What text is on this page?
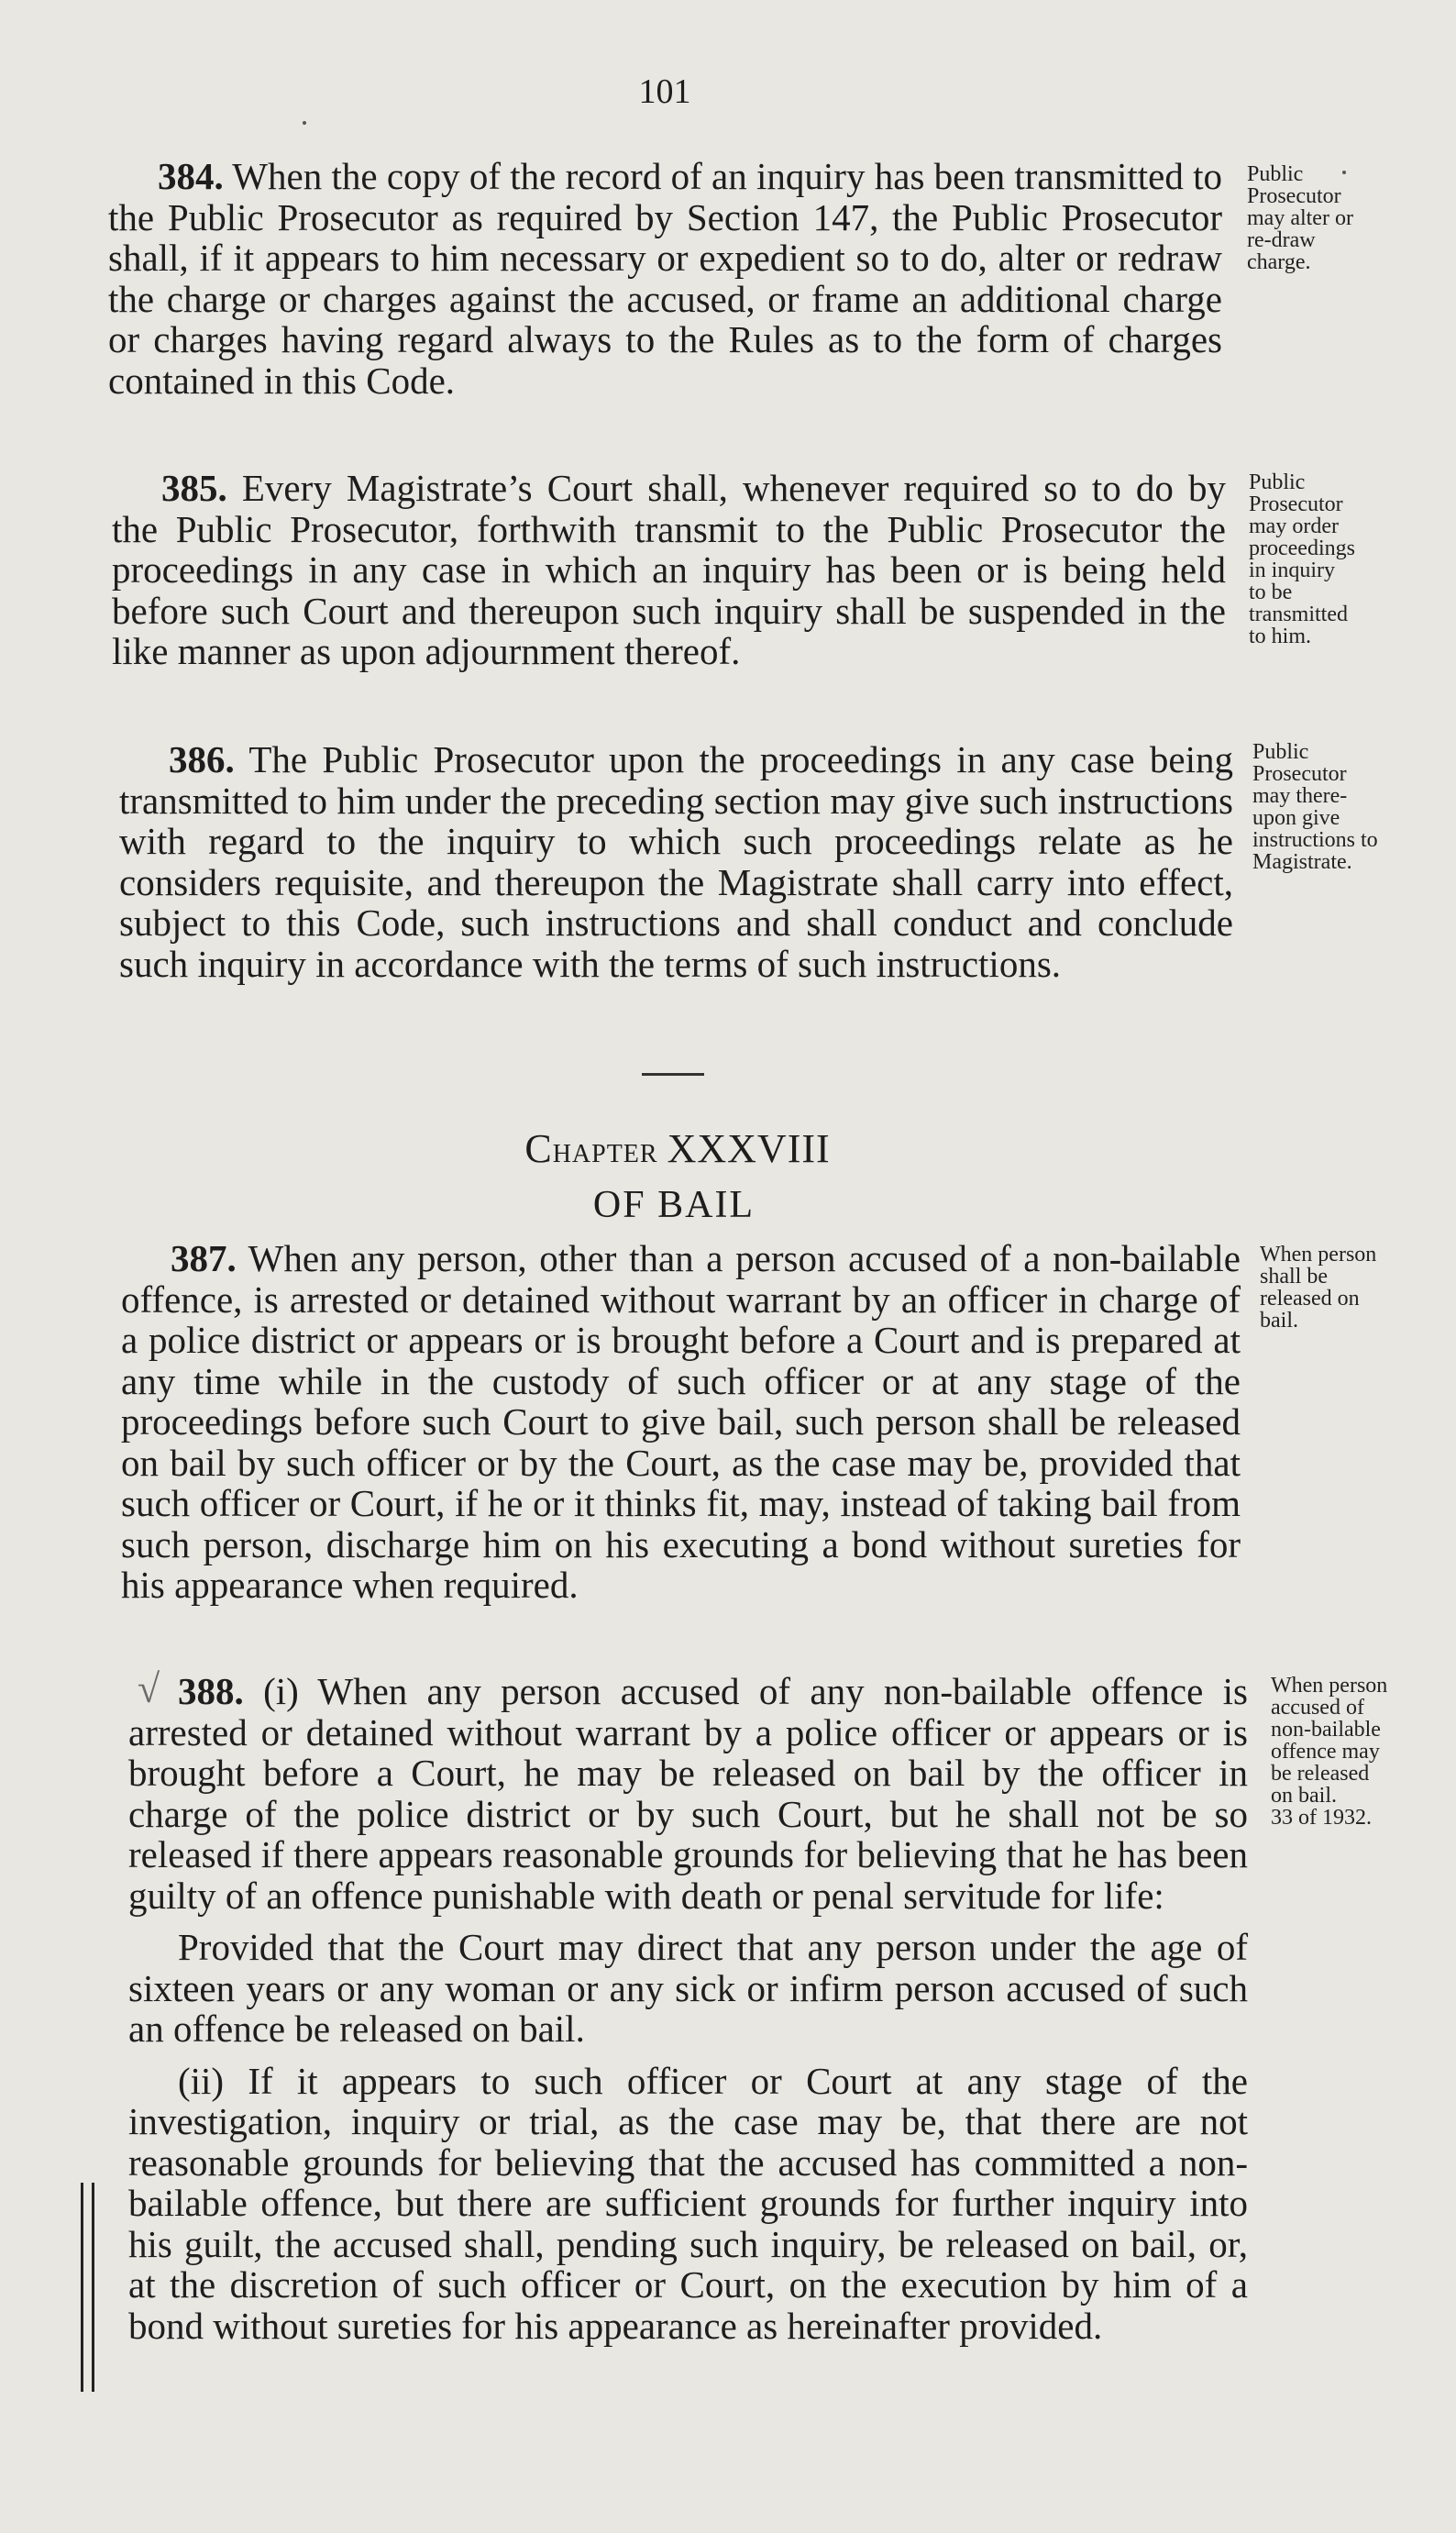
101

384. When the copy of the record of an inquiry has been transmitted to the Public Prosecutor as required by Section 147, the Public Prosecutor shall, if it appears to him necessary or expedient so to do, alter or redraw the charge or charges against the accused, or frame an additional charge or charges having regard always to the Rules as to the form of charges contained in this Code.

Public
Prosecutor
may alter or
re-draw
charge.

385. Every Magistrate’s Court shall, whenever required so to do by the Public Prosecutor, forthwith transmit to the Public Prosecutor the proceedings in any case in which an inquiry has been or is being held before such Court and thereupon such inquiry shall be suspended in the like manner as upon adjournment thereof.

Public
Prosecutor
may order
proceedings
in inquiry
to be
transmitted
to him.

386. The Public Prosecutor upon the proceedings in any case being transmitted to him under the preceding section may give such instructions with regard to the inquiry to which such proceedings relate as he considers requisite, and thereupon the Magistrate shall carry into effect, subject to this Code, such instructions and shall conduct and conclude such inquiry in accordance with the terms of such instructions.

Public
Prosecutor
may there-
upon give
instructions to
Magistrate.
Chapter XXXVIII
OF BAIL

387. When any person, other than a person accused of a non-bailable offence, is arrested or detained without warrant by an officer in charge of a police district or appears or is brought before a Court and is prepared at any time while in the custody of such officer or at any stage of the proceedings before such Court to give bail, such person shall be released on bail by such officer or by the Court, as the case may be, provided that such officer or Court, if he or it thinks fit, may, instead of taking bail from such person, discharge him on his executing a bond without sureties for his appearance when required.

When person
shall be
released on
bail.
√ 388. (i) When any person accused of any non-bailable offence is arrested or detained without warrant by a police officer or appears or is brought before a Court, he may be released on bail by the officer in charge of the police district or by such Court, but he shall not be so released if there appears reasonable grounds for believing that he has been guilty of an offence punishable with death or penal servitude for life:

Provided that the Court may direct that any person under the age of sixteen years or any woman or any sick or infirm person accused of such an offence be released on bail.

(ii) If it appears to such officer or Court at any stage of the investigation, inquiry or trial, as the case may be, that there are not reasonable grounds for believing that the accused has committed a non-bailable offence, but there are sufficient grounds for further inquiry into his guilt, the accused shall, pending such inquiry, be released on bail, or, at the discretion of such officer or Court, on the execution by him of a bond without sureties for his appearance as hereinafter provided.

When person
accused of
non-bailable
offence may
be released
on bail.
33 of 1932.
